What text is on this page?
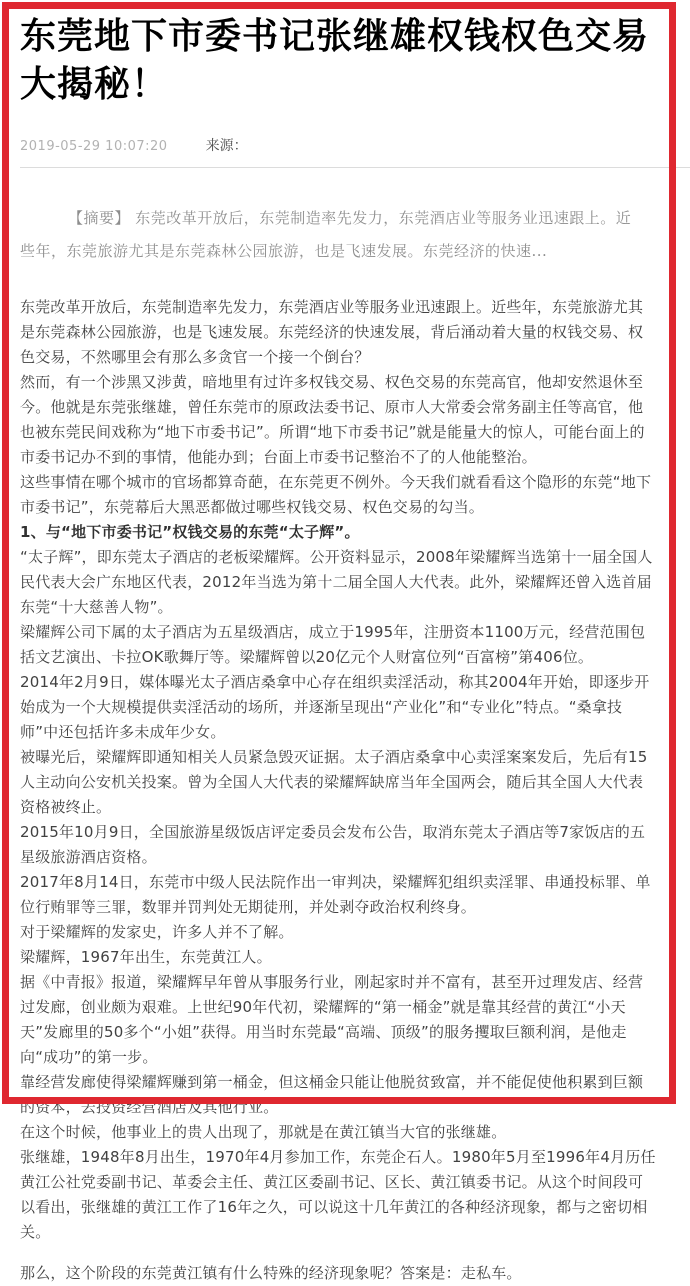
东莞地下市委书记张继雄权钱权色交易大揭秘！
2019-05-29 10:07:20	来源：
【摘要】 东莞改革开放后，东莞制造率先发力，东莞酒店业等服务业迅速跟上。近些年，东莞旅游尤其是东莞森林公园旅游，也是飞速发展。东莞经济的快速...

东莞改革开放后，东莞制造率先发力，东莞酒店业等服务业迅速跟上。近些年，东莞旅游尤其是东莞森林公园旅游，也是飞速发展。东莞经济的快速发展，背后涌动着大量的权钱交易、权色交易，不然哪里会有那么多贪官一个接一个倒台？

然而，有一个涉黑又涉黄，暗地里有过许多权钱交易、权色交易的东莞高官，他却安然退休至今。他就是东莞张继雄，曾任东莞市的原政法委书记、原市人大常委会常务副主任等高官，他也被东莞民间戏称为“地下市委书记”。所谓“地下市委书记”就是能量大的惊人，可能台面上的市委书记办不到的事情，他能办到；台面上市委书记整治不了的人他能整治。

这些事情在哪个城市的官场都算奇葩，在东莞更不例外。今天我们就看看这个隐形的东莞“地下市委书记”，东莞幕后大黑恶都做过哪些权钱交易、权色交易的勾当。

1、与“地下市委书记”权钱交易的东莞“太子辉”。

“太子辉”，即东莞太子酒店的老板梁耀辉。公开资料显示，2008年梁耀辉当选第十一届全国人民代表大会广东地区代表，2012年当选为第十二届全国人大代表。此外，梁耀辉还曾入选首届东莞“十大慈善人物”。

梁耀辉公司下属的太子酒店为五星级酒店，成立于1995年，注册资本1100万元，经营范围包括文艺演出、卡拉OK歌舞厅等。梁耀辉曾以20亿元个人财富位列“百富榜”第406位。

2014年2月9日，媒体曝光太子酒店桑拿中心存在组织卖淫活动，称其2004年开始，即逐步开始成为一个大规模提供卖淫活动的场所，并逐渐呈现出“产业化”和“专业化”特点。“桑拿技师”中还包括许多未成年少女。

被曝光后，梁耀辉即通知相关人员紧急毁灭证据。太子酒店桑拿中心卖淫案案发后，先后有15人主动向公安机关投案。曾为全国人大代表的梁耀辉缺席当年全国两会，随后其全国人大代表资格被终止。

2015年10月9日，全国旅游星级饭店评定委员会发布公告，取消东莞太子酒店等7家饭店的五星级旅游酒店资格。

2017年8月14日，东莞市中级人民法院作出一审判决，梁耀辉犯组织卖淫罪、串通投标罪、单位行贿罪等三罪，数罪并罚判处无期徒刑，并处剥夺政治权利终身。

对于梁耀辉的发家史，许多人并不了解。

梁耀辉，1967年出生，东莞黄江人。

据《中青报》报道，梁耀辉早年曾从事服务行业，刚起家时并不富有，甚至开过理发店、经营过发廊，创业颇为艰难。上世纪90年代初，梁耀辉的“第一桶金”就是靠其经营的黄江“小天天”发廊里的50多个“小姐”获得。用当时东莞最“高端、顶级”的服务攫取巨额利润，是他走向“成功”的第一步。

靠经营发廊使得梁耀辉赚到第一桶金，但这桶金只能让他脱贫致富，并不能促使他积累到巨额的资本，去投资经营酒店及其他行业。

在这个时候，他事业上的贵人出现了，那就是在黄江镇当大官的张继雄。

张继雄，1948年8月出生，1970年4月参加工作，东莞企石人。1980年5月至1996年4月历任黄江公社党委副书记、革委会主任、黄江区委副书记、区长、黄江镇委书记。从这个时间段可以看出，张继雄的黄江工作了16年之久，可以说这十几年黄江的各种经济现象，都与之密切相关。

那么，这个阶段的东莞黄江镇有什么特殊的经济现象呢？答案是：走私车。
